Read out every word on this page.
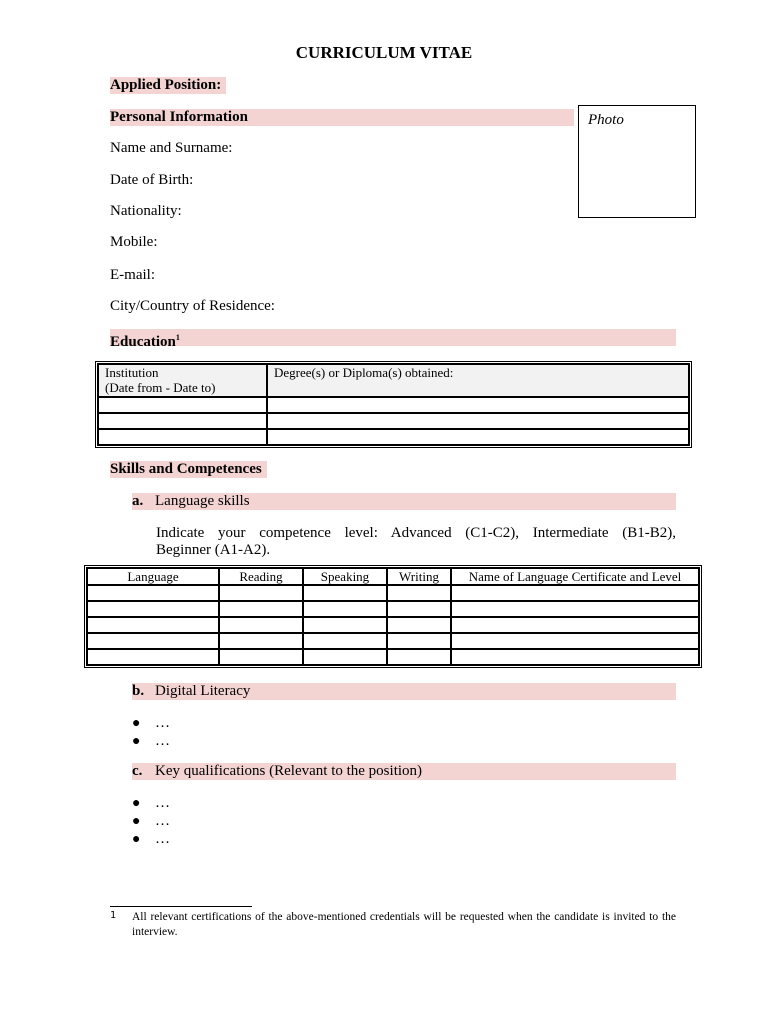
CURRICULUM VITAE
Applied Position:
Personal Information	Photo
Name and Surname:
Date of Birth:
Nationality:
Mobile:
E-mail:
City/Country of Residence:
Education$^1$
Institution
(Date from - Date to)	Degree(s) or Diploma(s) obtained:

Skills and Competences
a. Language skills
Indicate your competence level: Advanced (C1-C2), Intermediate (B1-B2),
Beginner (A1-A2).
Language	Reading	Speaking	Writing	Name of Language Certificate and Level

b. Digital Literacy
● …
● …
c. Key qualifications (Relevant to the position)
● …
● …
● …
1	All relevant certifications of the above-mentioned credentials will be requested when the candidate is invited to the interview.
